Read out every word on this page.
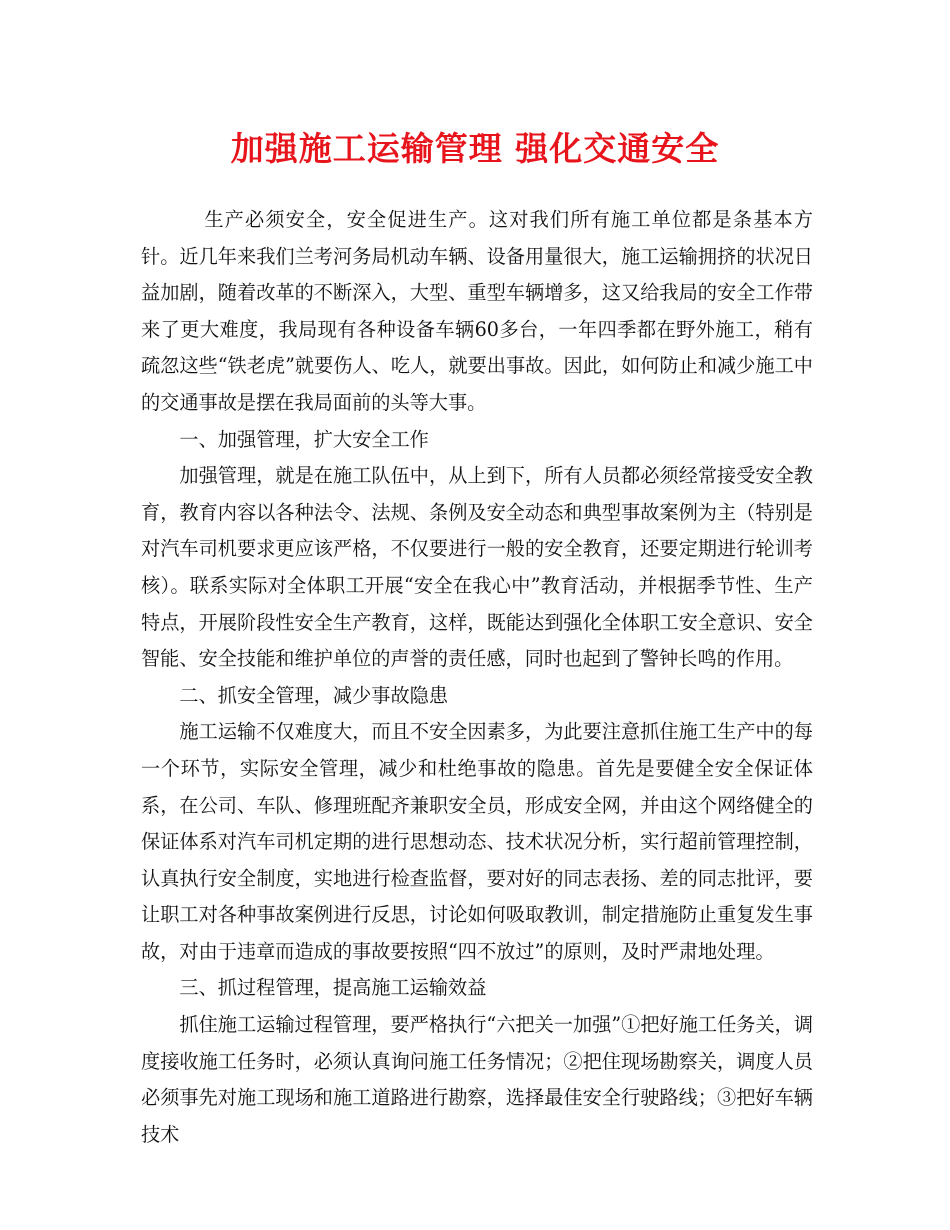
加强施工运输管理 强化交通安全

生产必须安全，安全促进生产。这对我们所有施工单位都是条基本方针。近几年来我们兰考河务局机动车辆、设备用量很大，施工运输拥挤的状况日益加剧，随着改革的不断深入，大型、重型车辆增多，这又给我局的安全工作带来了更大难度，我局现有各种设备车辆60多台，一年四季都在野外施工，稍有疏忽这些“铁老虎”就要伤人、吃人，就要出事故。因此，如何防止和减少施工中的交通事故是摆在我局面前的头等大事。

一、加强管理，扩大安全工作

加强管理，就是在施工队伍中，从上到下，所有人员都必须经常接受安全教育，教育内容以各种法令、法规、条例及安全动态和典型事故案例为主（特别是对汽车司机要求更应该严格，不仅要进行一般的安全教育，还要定期进行轮训考核）。联系实际对全体职工开展“安全在我心中”教育活动，并根据季节性、生产特点，开展阶段性安全生产教育，这样，既能达到强化全体职工安全意识、安全智能、安全技能和维护单位的声誉的责任感，同时也起到了警钟长鸣的作用。

二、抓安全管理，减少事故隐患

施工运输不仅难度大，而且不安全因素多，为此要注意抓住施工生产中的每一个环节，实际安全管理，减少和杜绝事故的隐患。首先是要健全安全保证体系，在公司、车队、修理班配齐兼职安全员，形成安全网，并由这个网络健全的保证体系对汽车司机定期的进行思想动态、技术状况分析，实行超前管理控制，认真执行安全制度，实地进行检查监督，要对好的同志表扬、差的同志批评，要让职工对各种事故案例进行反思，讨论如何吸取教训，制定措施防止重复发生事故，对由于违章而造成的事故要按照“四不放过”的原则，及时严肃地处理。

三、抓过程管理，提高施工运输效益

抓住施工运输过程管理，要严格执行“六把关一加强”①把好施工任务关，调度接收施工任务时，必须认真询问施工任务情况；②把住现场勘察关，调度人员必须事先对施工现场和施工道路进行勘察，选择最佳安全行驶路线；③把好车辆技术
